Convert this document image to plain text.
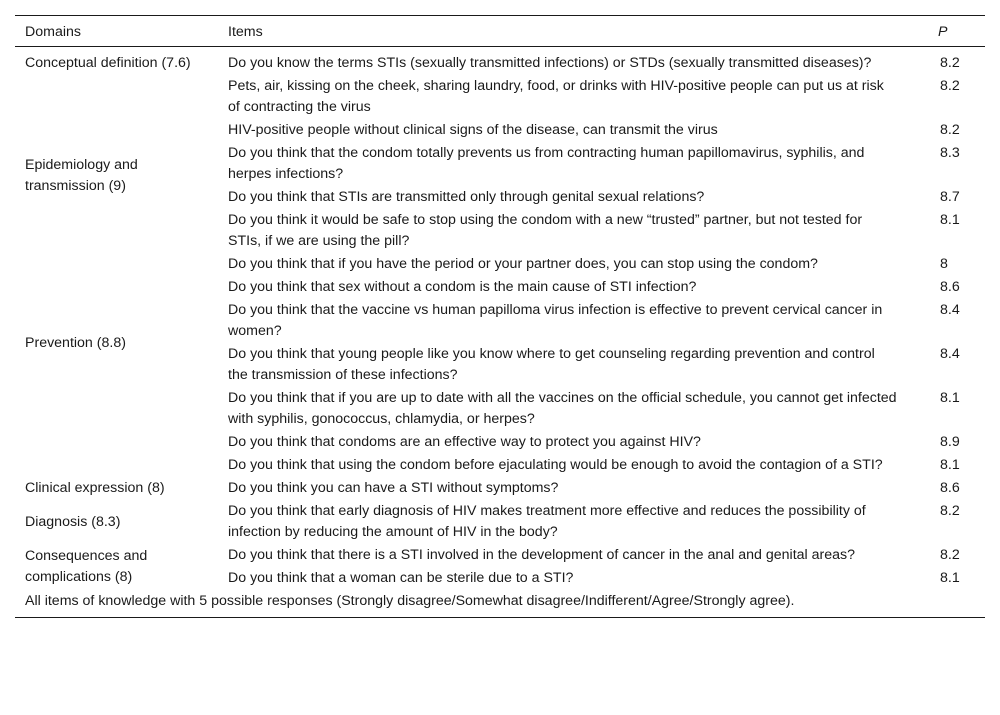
Domains	Items	P
Conceptual definition (7.6)	Do you know the terms STIs (sexually transmitted infections) or STDs (sexually transmitted diseases)?	8.2
	Pets, air, kissing on the cheek, sharing laundry, food, or drinks with HIV-positive people can put us at risk of contracting the virus	8.2
	HIV-positive people without clinical signs of the disease, can transmit the virus	8.2
Epidemiology and transmission (9)	Do you think that the condom totally prevents us from contracting human papillomavirus, syphilis, and herpes infections?	8.3
	Do you think that STIs are transmitted only through genital sexual relations?	8.7
Prevention (8.8)	Do you think it would be safe to stop using the condom with a new “trusted” partner, but not tested for STIs, if we are using the pill?	8.1
	Do you think that if you have the period or your partner does, you can stop using the condom?	8
	Do you think that sex without a condom is the main cause of STI infection?	8.6
	Do you think that the vaccine vs human papilloma virus infection is effective to prevent cervical cancer in women?	8.4
	Do you think that young people like you know where to get counseling regarding prevention and control the transmission of these infections?	8.4
	Do you think that if you are up to date with all the vaccines on the official schedule, you cannot get infected with syphilis, gonococcus, chlamydia, or herpes?	8.1
	Do you think that condoms are an effective way to protect you against HIV?	8.9
	Do you think that using the condom before ejaculating would be enough to avoid the contagion of a STI?	8.1
Clinical expression (8)	Do you think you can have a STI without symptoms?	8.6
Diagnosis (8.3)	Do you think that early diagnosis of HIV makes treatment more effective and reduces the possibility of infection by reducing the amount of HIV in the body?	8.2
Consequences and complications (8)	Do you think that there is a STI involved in the development of cancer in the anal and genital areas?	8.2
	Do you think that a woman can be sterile due to a STI?	8.1
All items of knowledge with 5 possible responses (Strongly disagree/Somewhat disagree/Indifferent/Agree/Strongly agree).		
